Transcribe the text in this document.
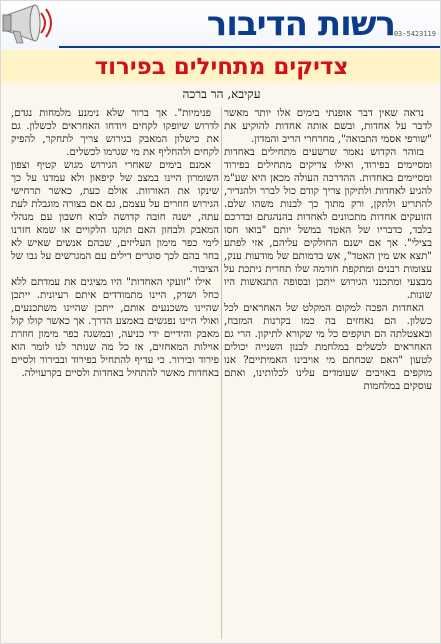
רשות הדיבור
03-5423119
צדיקים מתחילים בפירוד
עקיבא, הר ברכה

נראה שאין דבר אופנתי בימים אלו יותר מאשר לדבר על אחדות, ובשם אותה אחדות להוקיע את "שורפי אסמי התבואה", מחרחרי הריב והמדון.

בזוהר הקדוש נאמר שרשעים מתחילים באחדות ומסיימים בפירוד, ואילו צדיקים מתחילים בפירוד ומסיימים באחדות. ההדרכה העולה מכאן היא שע"מ להגיע לאחדות ולתיקון צריך קודם כול לברר ולהגדיר, להתריע ולתקן, ורק מתוך כך לבנות משהו שלם. הזועקים אחדות מתכוונים לאחדות בהנהגתם ובדרכם בלבד, כדבריו של האטד במשל יותם "בואו חסו בצילי". אך אם ישנם החולקים עליהם, אזי לפתע "תצא אש מין האטד", אש בדמותם של מודעות ענק, עצומות רבנים ומתקפת חורמה שלו תחרית ניתכת על מבצעי ומתכנני הגירוש ייתכן ובסופה התגאשות היו שונות.

האחדות הפכה למקום המקלט של האחראים לכל כשלון. הם נאחזים בה כמו בקרנות המזבח, ובאצטלתה הם תוקפים כל מי שקורא לתיקון. הרי גם האחראים לכשלים במלחמת לבנון השנייה יכולים לטעון "האם שכחתם מי אויבינו האמיתיים? אנו מוקפים באויבים שעומדים עלינו לכלותינו, ואתם עוסקים במלחמות

פנימיות". אך ברור שלא נימנע מלמחות נגדם, לדרוש שיופקו לקחים ויודחו האחראים לכשלון. גם את כישלון המאבק בגירוש צריך לתחקר, להפיק לקחים ולהחליף את מי שגרמו לכשלים.

אמנם בימים שאחרי הגירוש מגוש קטיף וצפון השומרון היינו במצב של קיפאון ולא עמדנו על כך שינקו את האורוות. אולם כעת, כאשר תרחישי הגירוש חוזרים על עצמם, גם אם בצורה מוגבלת לעת עתה, ישנה חובה קדושה לבוא חשבון עם מנהלי המאבק ולבחון האם תוקנו הלקויים או שמא חזרנו לימי כפר מימון העליזים, שבהם אנשים שאיש לא בחר בהם לכך סוגרים דילים עם המגרשים על גבו של הציבור.

אילו "זועקי האחדות" היו מציגים את עמדתם ללא כחל ושרק, היינו מתמודדים איתם רעיונית. ייתכן שהיינו משכנעים אותם, ייתכן שהיינו משתכנעים, ואולי היינו נפגשים באמצע הדרך. אך כאשר קולו קול מאבק והידיים ידי כניעה, ובמשגה כפר מימון חוזרת אוילות המאחזים, אז כל מה שנותר לנו לומר הוא פירוד ובירור. כי עדיף להתחיל בפירוד ובבירור ולסיים באחדות מאשר להתחיל באחדות ולסיים בקרעוילה.
